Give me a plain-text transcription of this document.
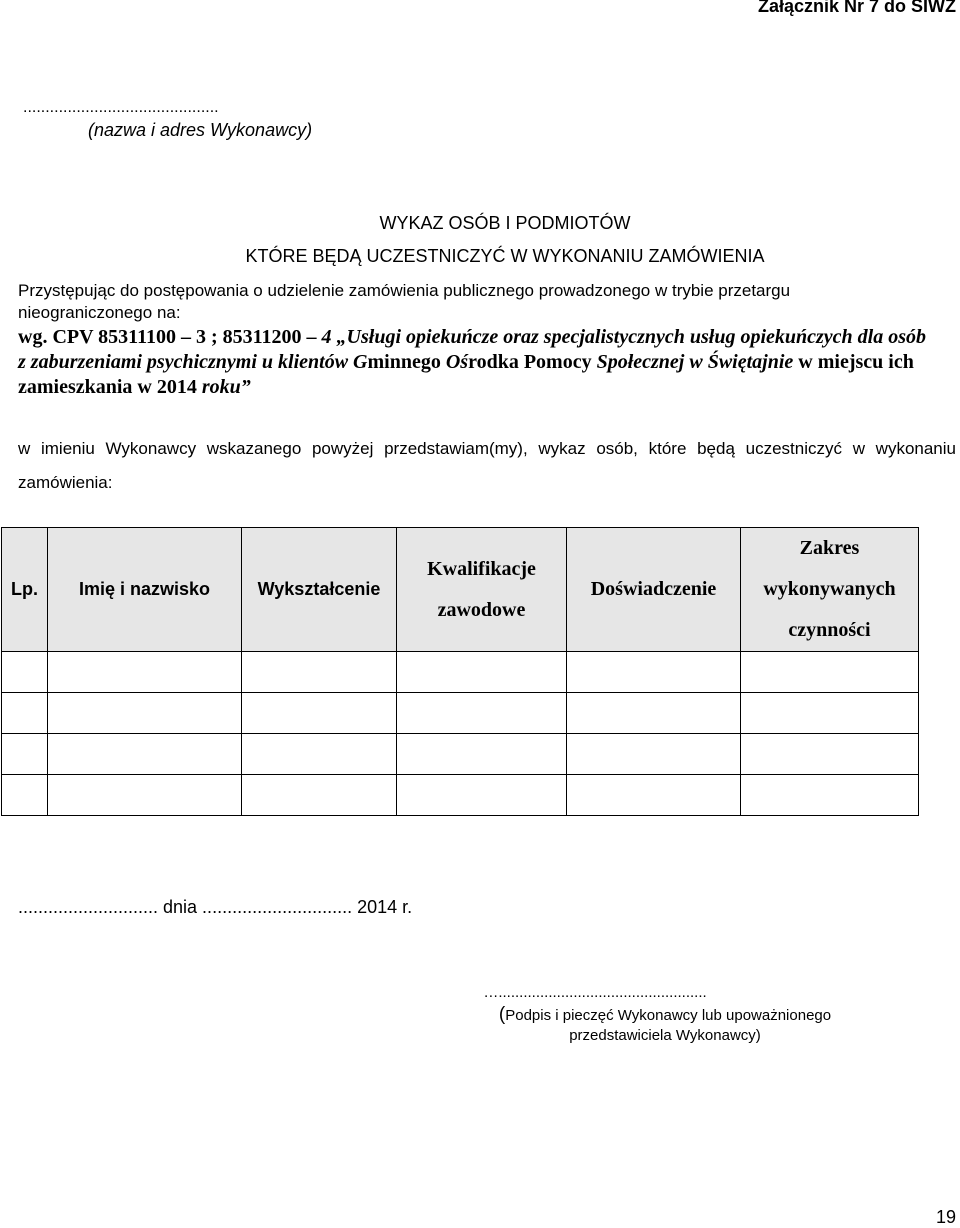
Załącznik Nr 7 do SIWZ
............................................
(nazwa i adres Wykonawcy)
WYKAZ OSÓB I PODMIOTÓW
KTÓRE BĘDĄ UCZESTNICZYĆ W WYKONANIU ZAMÓWIENIA
Przystępując do postępowania o udzielenie zamówienia publicznego prowadzonego w trybie przetargu nieograniczonego na:
wg. CPV 85311100 – 3 ; 85311200 – 4 „Usługi opiekuńcze oraz specjalistycznych usług opiekuńczych dla osób z zaburzeniami psychicznymi u klientów Gminnego Ośrodka Pomocy Społecznej w Świętajnie w miejscu ich zamieszkania w 2014 roku”
w imieniu Wykonawcy wskazanego powyżej przedstawiam(my), wykaz osób, które będą uczestniczyć w wykonaniu zamówienia:
Lp.	Imię i nazwisko	Wykształcenie	Kwalifikacje zawodowe	Doświadczenie	Zakres wykonywanych czynności

............................ dnia .............................. 2014 r.
…..................................................
(Podpis i pieczęć Wykonawcy lub upoważnionego
przedstawiciela Wykonawcy)
19
